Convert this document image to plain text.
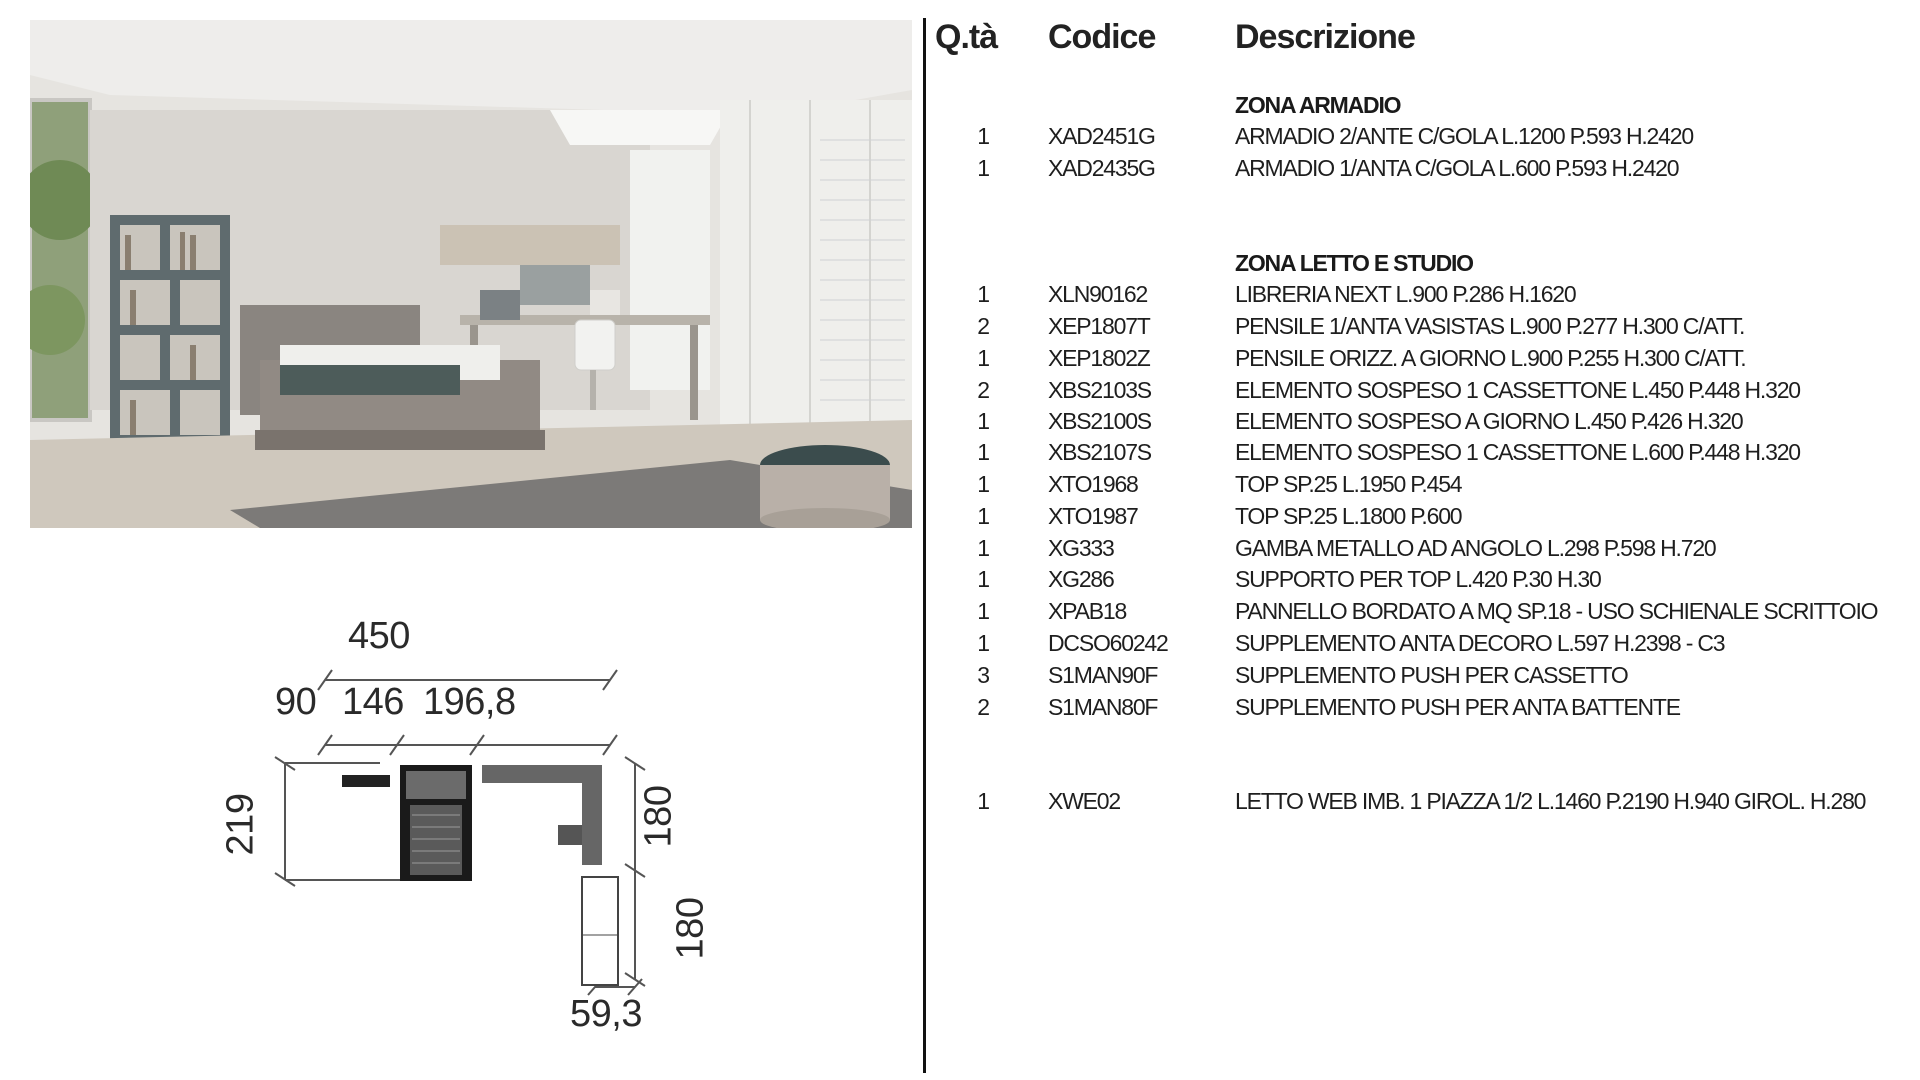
450
90 146 196,8
219	180
180
59,3
Q.tà Codice Descrizione
ZONA ARMADIO
1	XAD2451G	ARMADIO 2/ANTE C/GOLA L.1200 P.593 H.2420
1	XAD2435G	ARMADIO 1/ANTA C/GOLA L.600 P.593 H.2420
ZONA LETTO E STUDIO
1	XLN90162	LIBRERIA NEXT L.900 P.286 H.1620
2	XEP1807T	PENSILE 1/ANTA VASISTAS L.900 P.277 H.300 C/ATT.
1	XEP1802Z	PENSILE ORIZZ. A GIORNO L.900 P.255 H.300 C/ATT.
2	XBS2103S	ELEMENTO SOSPESO 1 CASSETTONE L.450 P.448 H.320
1	XBS2100S	ELEMENTO SOSPESO A GIORNO L.450 P.426 H.320
1	XBS2107S	ELEMENTO SOSPESO 1 CASSETTONE L.600 P.448 H.320
1	XTO1968	TOP SP.25 L.1950 P.454
1	XTO1987	TOP SP.25 L.1800 P.600
1	XG333	GAMBA METALLO AD ANGOLO L.298 P.598 H.720
1	XG286	SUPPORTO PER TOP L.420 P.30 H.30
1	XPAB18	PANNELLO BORDATO A MQ SP.18 - USO SCHIENALE SCRITTOIO
1	DCSO60242	SUPPLEMENTO ANTA DECORO L.597 H.2398 - C3
3	S1MAN90F	SUPPLEMENTO PUSH PER CASSETTO
2	S1MAN80F	SUPPLEMENTO PUSH PER ANTA BATTENTE
1	XWE02	LETTO WEB IMB. 1 PIAZZA 1/2 L.1460 P.2190 H.940 GIROL. H.280
